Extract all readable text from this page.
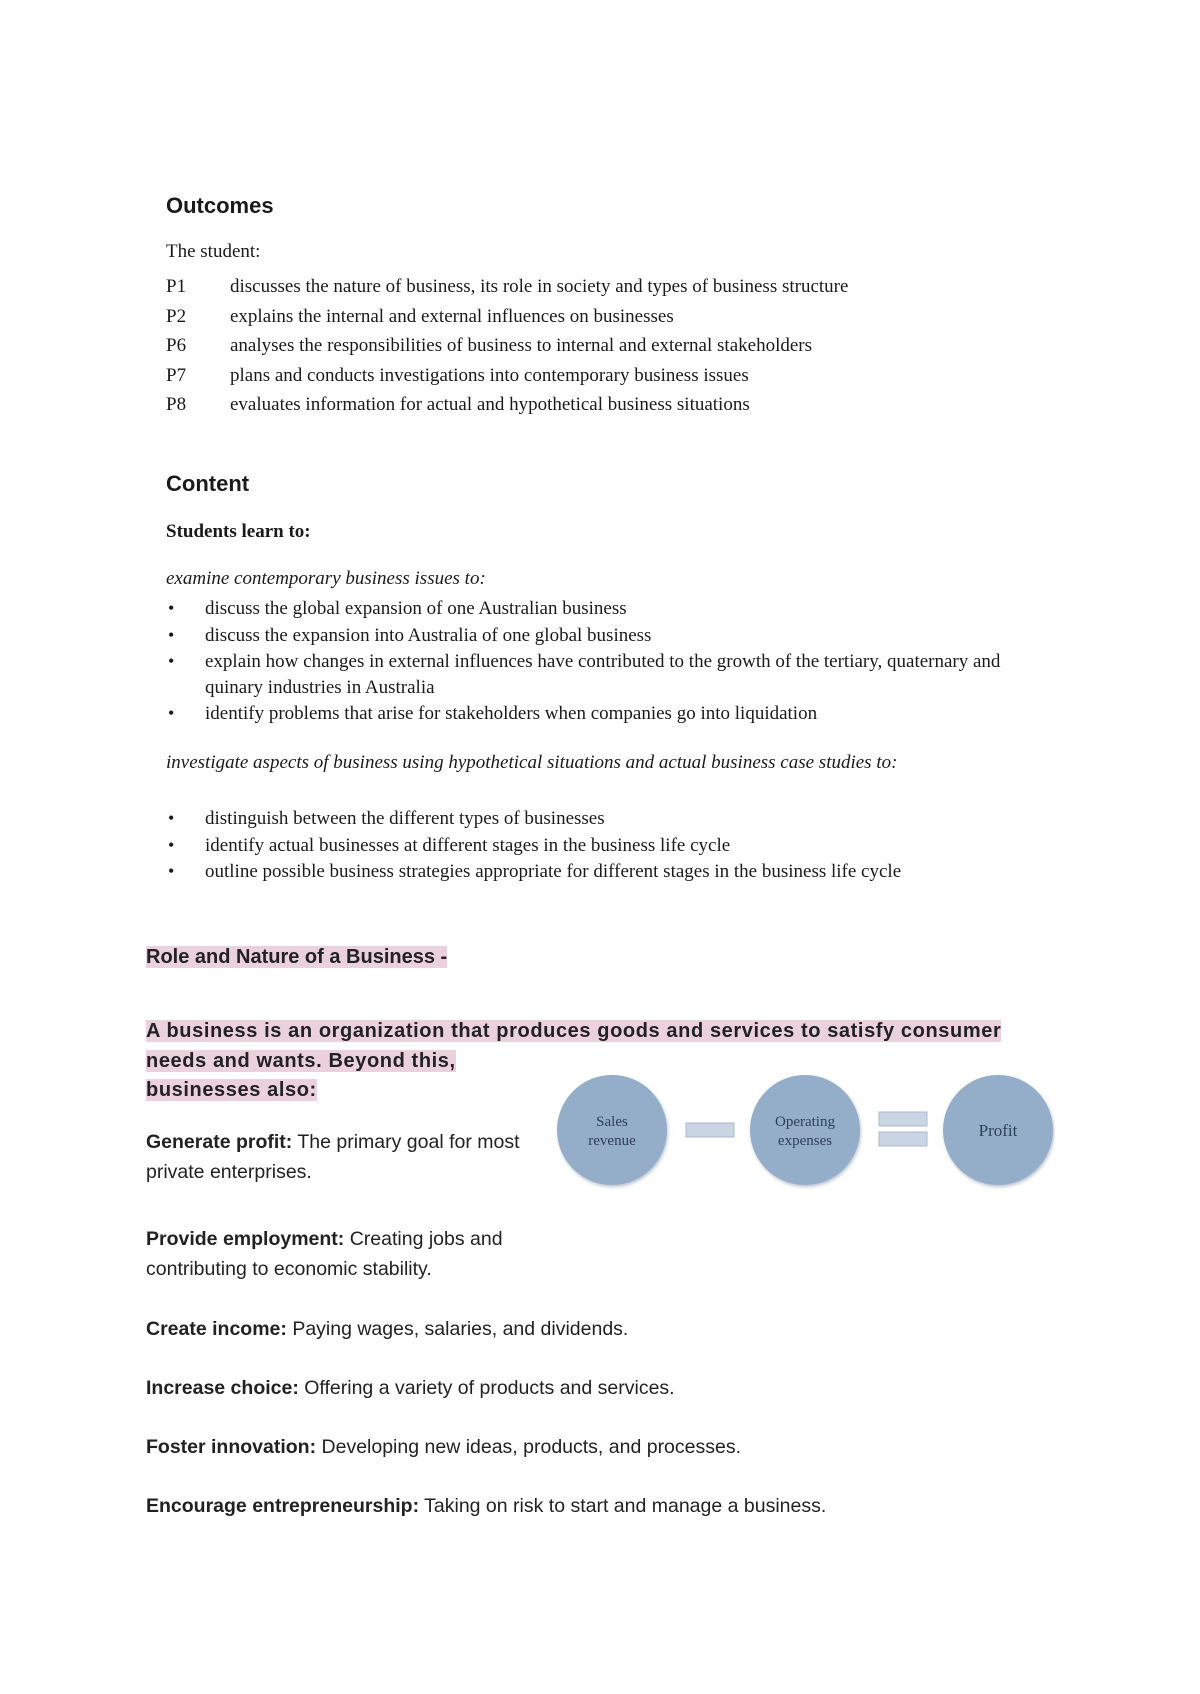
Outcomes
The student:
P1	discusses the nature of business, its role in society and types of business structure
P2	explains the internal and external influences on businesses
P6	analyses the responsibilities of business to internal and external stakeholders
P7	plans and conducts investigations into contemporary business issues
P8	evaluates information for actual and hypothetical business situations
Content
Students learn to:
examine contemporary business issues to:
• discuss the global expansion of one Australian business
• discuss the expansion into Australia of one global business
• explain how changes in external influences have contributed to the growth of the tertiary, quaternary and quinary industries in Australia
• identify problems that arise for stakeholders when companies go into liquidation
investigate aspects of business using hypothetical situations and actual business case studies to:
• distinguish between the different types of businesses
• identify actual businesses at different stages in the business life cycle
• outline possible business strategies appropriate for different stages in the business life cycle
Role and Nature of a Business -
A business is an organization that produces goods and services to satisfy consumer
needs and wants. Beyond this,
businesses also:
Generate profit: The primary goal for most private enterprises.
Provide employment: Creating jobs and contributing to economic stability.
Create income: Paying wages, salaries, and dividends.
Increase choice: Offering a variety of products and services.
Foster innovation: Developing new ideas, products, and processes.
Encourage entrepreneurship: Taking on risk to start and manage a business.
Sales
revenue
Operating
expenses
Profit
